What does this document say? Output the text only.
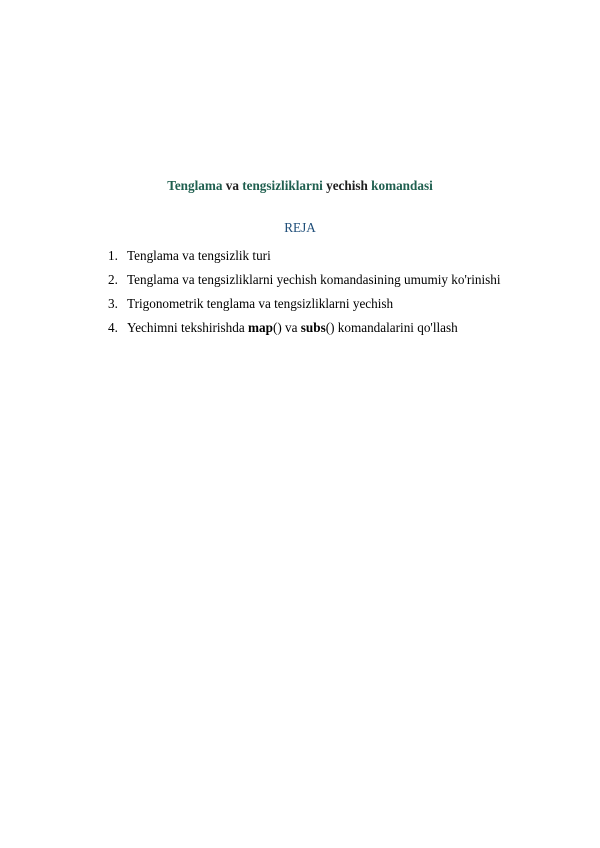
Tenglama va tengsizliklarni yechish komandasi
REJA
1. Tenglama va tengsizlik turi
2. Tenglama va tengsizliklarni yechish komandasining umumiy ko'rinishi
3. Trigonometrik tenglama va tengsizliklarni yechish
4. Yechimni tekshirishda map() va subs() komandalarini qo'llash
